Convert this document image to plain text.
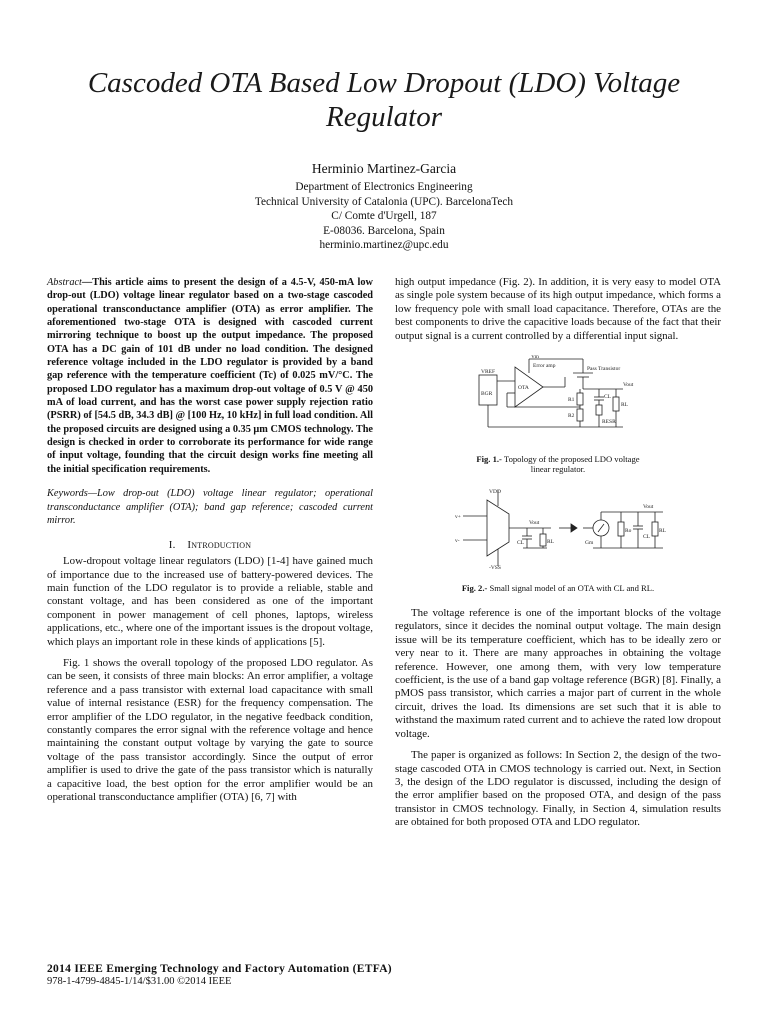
Cascoded OTA Based Low Dropout (LDO) Voltage Regulator
Herminio Martinez-Garcia
Department of Electronics Engineering
Technical University of Catalonia (UPC). BarcelonaTech
C/ Comte d'Urgell, 187
E-08036. Barcelona, Spain
herminio.martinez@upc.edu

Abstract—This article aims to present the design of a 4.5-V, 450-mA low drop-out (LDO) voltage linear regulator based on a two-stage cascoded operational transconductance amplifier (OTA) as error amplifier. The aforementioned two-stage OTA is designed with cascoded current mirroring technique to boost up the output impedance. The proposed OTA has a DC gain of 101 dB under no load condition. The designed reference voltage included in the LDO regulator is provided by a band gap reference with the temperature coefficient (Tc) of 0.025 mV/°C. The proposed LDO regulator has a maximum drop-out voltage of 0.5 V @ 450 mA of load current, and has the worst case power supply rejection ratio (PSRR) of [54.5 dB, 34.3 dB] @ [100 Hz, 10 kHz] in full load condition. All the proposed circuits are designed using a 0.35 μm CMOS technology. The design is checked in order to corroborate its performance for wide range of input voltage, founding that the circuit design works fine meeting all the initial specification requirements.

Keywords—Low drop-out (LDO) voltage linear regulator; operational transconductance amplifier (OTA); band gap reference; cascoded current mirror.

I. Introduction

Low-dropout voltage linear regulators (LDO) [1-4] have gained much of importance due to the increased use of battery-powered devices. The main function of the LDO regulator is to provide a reliable, stable and constant voltage, and has been considered as one of the important component in power management of cell phones, laptops, wireless applications, etc., where one of the important issues is the dropout voltage, which plays an important role in these kinds of applications [5].

Fig. 1 shows the overall topology of the proposed LDO regulator. As can be seen, it consists of three main blocks: An error amplifier, a voltage reference and a pass transistor with external load capacitance with small value of internal resistance (ESR) for the frequency compensation. The error amplifier of the LDO regulator, in the negative feedback condition, constantly compares the error signal with the reference voltage and hence maintaining the constant output voltage by varying the gate to source voltage of the pass transistor accordingly. Since the output of error amplifier is used to drive the gate of the pass transistor which is naturally a capacitive load, the best option for the error amplifier would be an operational transconductance amplifier (OTA) [6, 7] with

high output impedance (Fig. 2). In addition, it is very easy to model OTA as single pole system because of its high output impedance, which forms a low frequency pole with small load capacitance. Therefore, OTAs are the best components to drive the capacitive loads because of the fact that their output signal is a current controlled by a differential input signal.

VREF
BGR
OTA
Error amp
Vin
Pass Transistor
Vout
R1
R2
CL
RL
RESR
Fig. 1.- Topology of the proposed LDO voltage linear regulator.
VDD
-VSS
v+
v-
Vout
CL	RL	Gm
Ro
Vout
CL
RL
Fig. 2.- Small signal model of an OTA with CL and RL.

The voltage reference is one of the important blocks of the voltage regulators, since it decides the nominal output voltage. The main design issue will be its temperature coefficient, which has to be ideally zero or very near to it. There are many approaches in obtaining the voltage reference. However, one among them, with very low temperature coefficient, is the use of a band gap voltage reference (BGR) [8]. Finally, a pMOS pass transistor, which carries a major part of current in the whole circuit, drives the load. Its dimensions are set such that it is able to withstand the maximum rated current and to achieve the rated low dropout voltage.

The paper is organized as follows: In Section 2, the design of the two-stage cascoded OTA in CMOS technology is carried out. Next, in Section 3, the design of the LDO regulator is discussed, including the design of the error amplifier based on the proposed OTA, and design of the pass transistor in CMOS technology. Finally, in Section 4, simulation results are obtained for both proposed OTA and LDO regulator.

2014 IEEE Emerging Technology and Factory Automation (ETFA)
978-1-4799-4845-1/14/$31.00 ©2014 IEEE
